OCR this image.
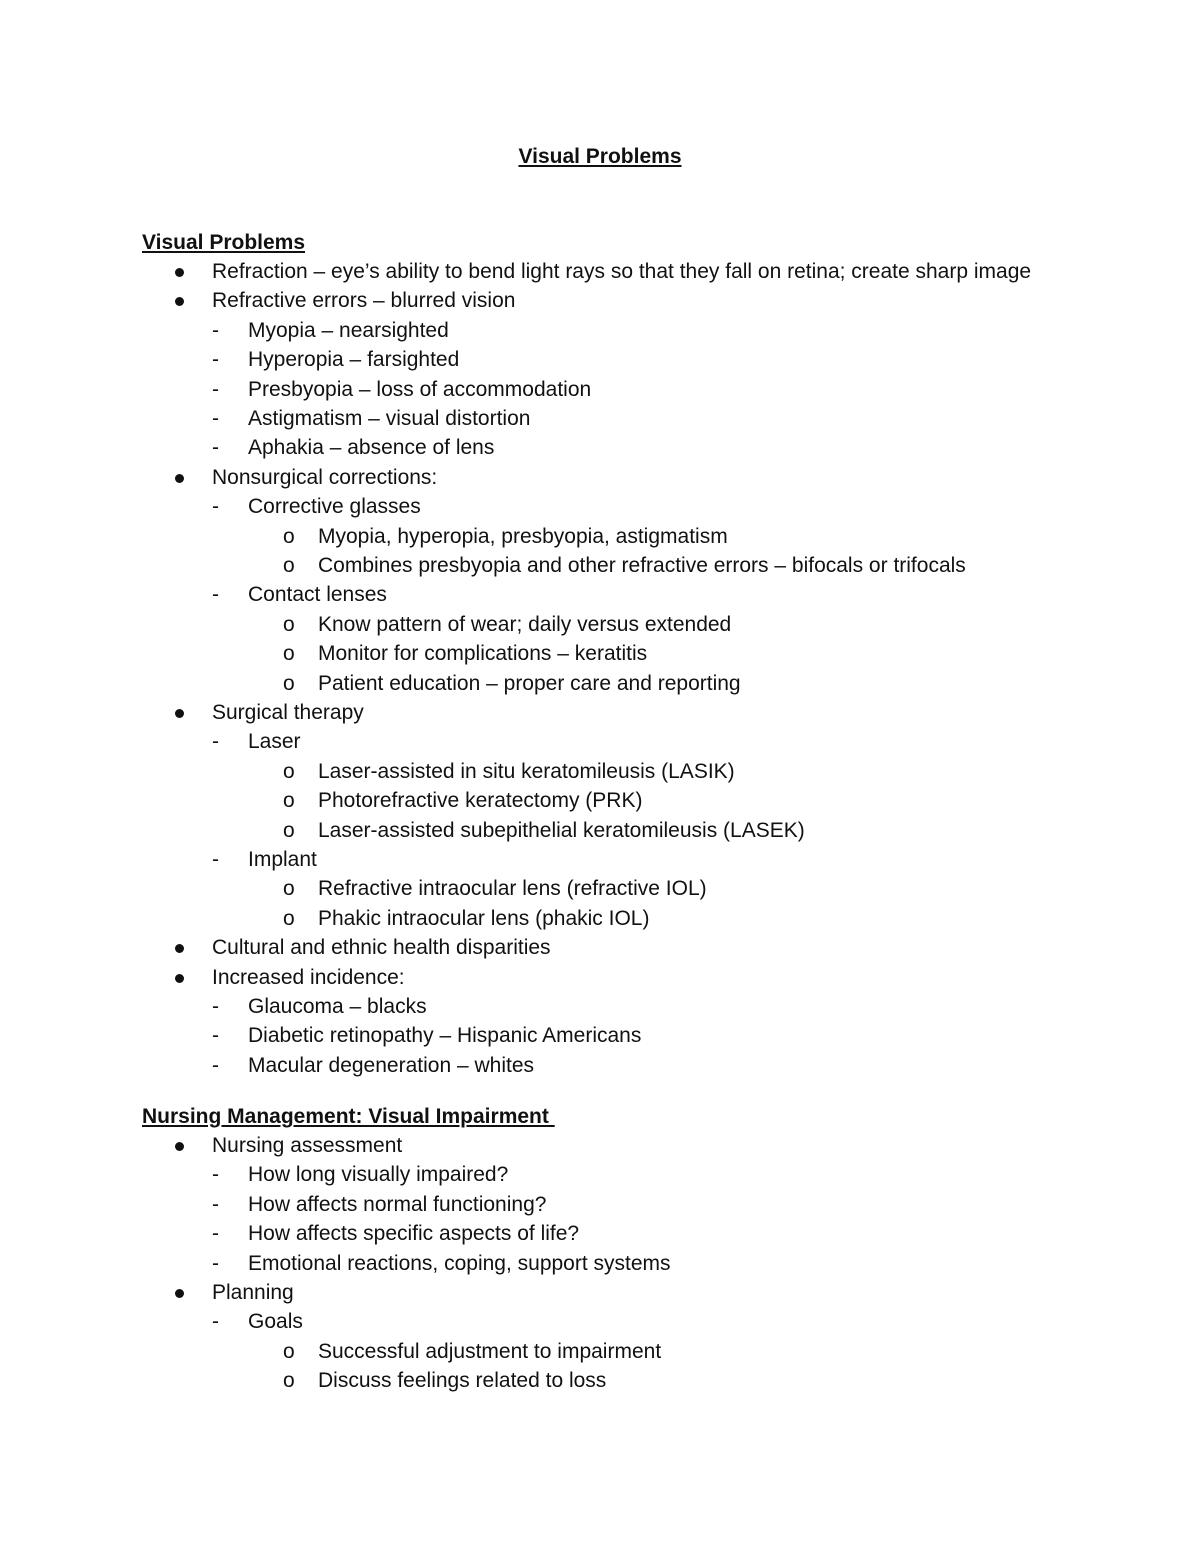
Visual Problems
Visual Problems
Refraction – eye’s ability to bend light rays so that they fall on retina; create sharp image
Refractive errors – blurred vision
- Myopia – nearsighted
- Hyperopia – farsighted
- Presbyopia – loss of accommodation
- Astigmatism – visual distortion
- Aphakia – absence of lens
Nonsurgical corrections:
- Corrective glasses
o Myopia, hyperopia, presbyopia, astigmatism
o Combines presbyopia and other refractive errors – bifocals or trifocals
- Contact lenses
o Know pattern of wear; daily versus extended
o Monitor for complications – keratitis
o Patient education – proper care and reporting
Surgical therapy
- Laser
o Laser-assisted in situ keratomileusis (LASIK)
o Photorefractive keratectomy (PRK)
o Laser-assisted subepithelial keratomileusis (LASEK)
- Implant
o Refractive intraocular lens (refractive IOL)
o Phakic intraocular lens (phakic IOL)
Cultural and ethnic health disparities
Increased incidence:
- Glaucoma – blacks
- Diabetic retinopathy – Hispanic Americans
- Macular degeneration – whites
Nursing Management: Visual Impairment
Nursing assessment
- How long visually impaired?
- How affects normal functioning?
- How affects specific aspects of life?
- Emotional reactions, coping, support systems
Planning
- Goals
o Successful adjustment to impairment
o Discuss feelings related to loss
